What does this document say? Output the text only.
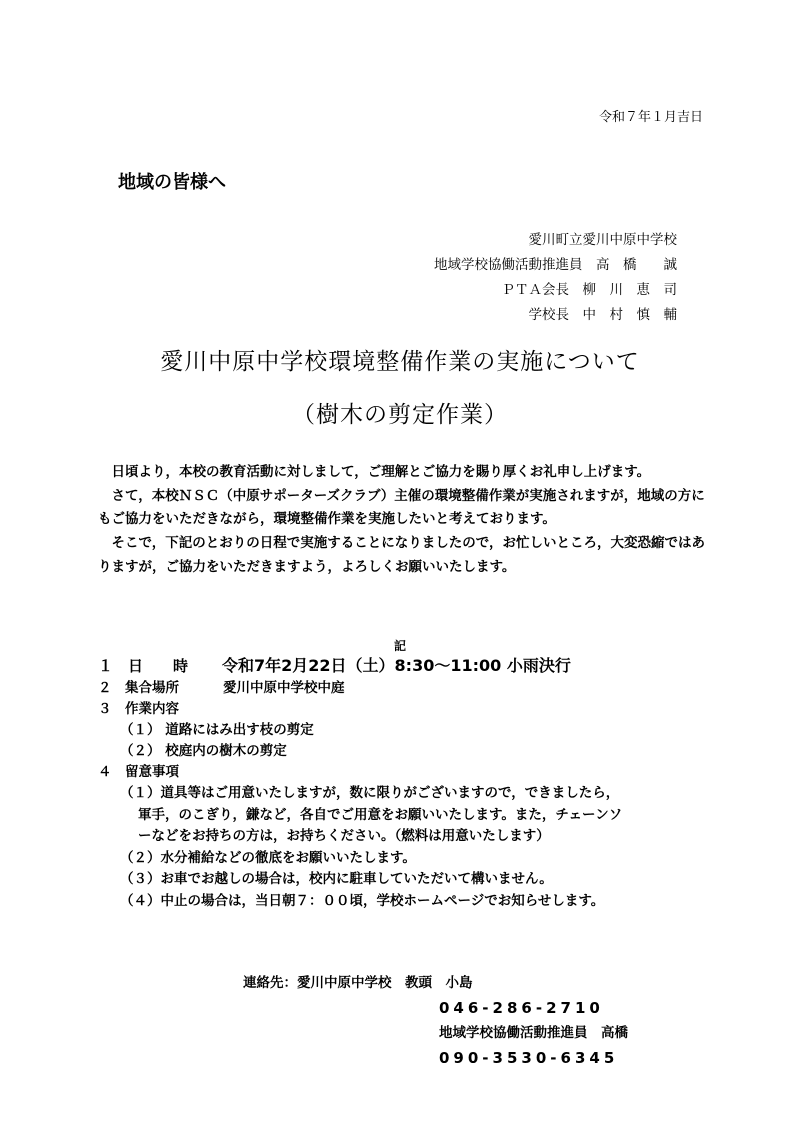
令和７年１月吉日
地域の皆様へ
愛川町立愛川中原中学校
地域学校協働活動推進員　高　橋　　誠
ＰＴＡ会長　柳　川　恵　司
学校長　中　村　慎　輔
愛川中原中学校環境整備作業の実施について
（樹木の剪定作業）

日頃より，本校の教育活動に対しまして，ご理解とご協力を賜り厚くお礼申し上げます。

さて，本校ＮＳＣ（中原サポーターズクラブ）主催の環境整備作業が実施されますが，地域の方にもご協力をいただきながら，環境整備作業を実施したいと考えております。

そこで，下記のとおりの日程で実施することになりましたので，お忙しいところ，大変恐縮ではありますが，ご協力をいただきますよう，よろしくお願いいたします。

記
１　日　　時 令和7年2月22日（土）8:30～11:00 小雨決行
２　集合場所	愛川中原中学校中庭
３　作業内容
（１） 道路にはみ出す枝の剪定
（２） 校庭内の樹木の剪定
４　留意事項
（１）道具等はご用意いたしますが，数に限りがございますので，できましたら，
軍手，のこぎり，鎌など，各自でご用意をお願いいたします。また，チェーンソ
ーなどをお持ちの方は，お持ちください。（燃料は用意いたします）
（２）水分補給などの徹底をお願いいたします。
（３）お車でお越しの場合は，校内に駐車していただいて構いません。
（４）中止の場合は，当日朝７：００頃，学校ホームページでお知らせします。
連絡先：愛川中原中学校　教頭　小島
046-286-2710
地域学校協働活動推進員　高橋
090-3530-6345
